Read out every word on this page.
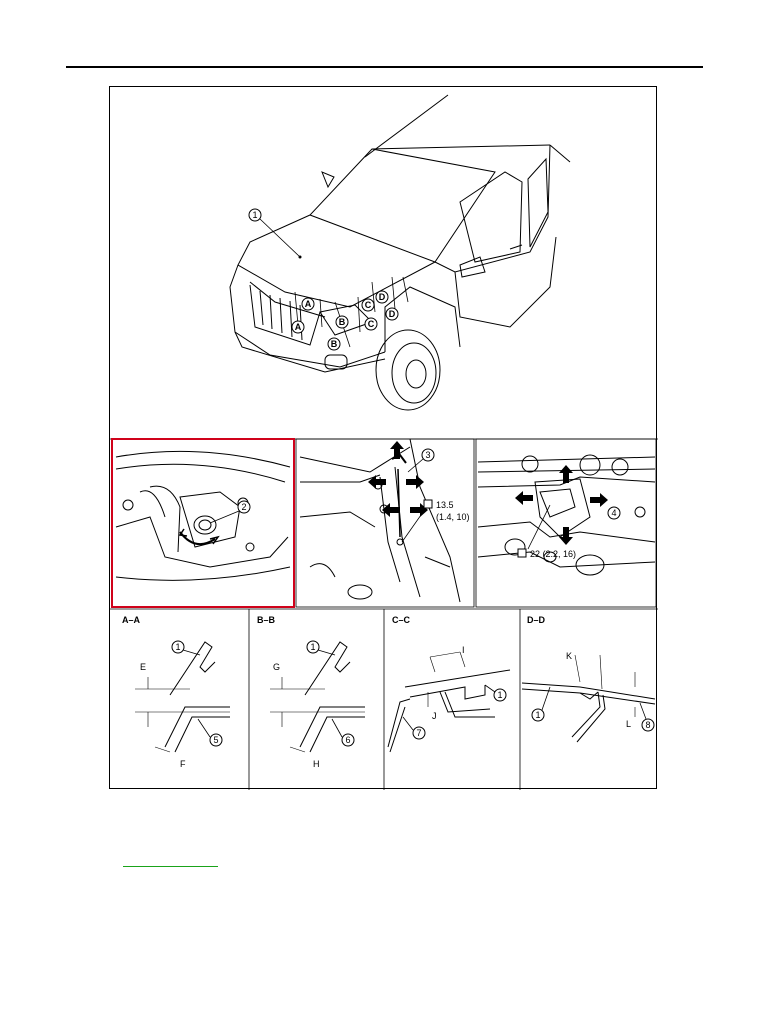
1
A
A	B
B
C
C
D
D
2
3
13.5
(1.4, 10)	4
22 (2.2, 16)
A–A
1
5
E
F
B–B
1
6
G
H
C–C
I
J
1
7
D–D
K
L
1
8
